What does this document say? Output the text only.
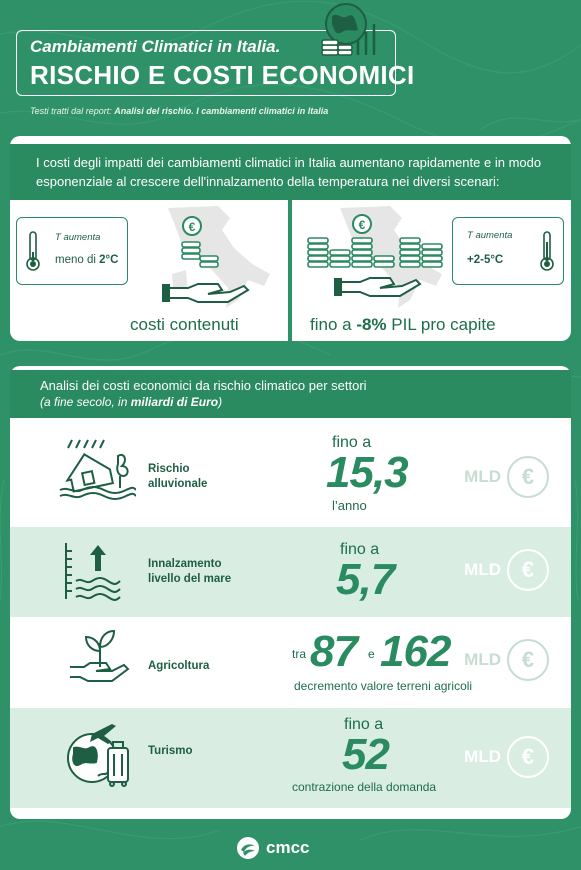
Cambiamenti Climatici in Italia.
RISCHIO E COSTI ECONOMICI
Testi tratti dal report: Analisi del rischio. I cambiamenti climatici in Italia
I costi degli impatti dei cambiamenti climatici in Italia aumentano rapidamente e in modo esponenziale al crescere dell'innalzamento della temperatura nei diversi scenari:
T aumenta
meno di 2°C
€
costi contenuti
€
T aumenta
+2-5°C
fino a -8% PIL pro capite
Analisi dei costi economici da rischio climatico per settori
(a fine secolo, in miliardi di Euro)
Rischio
alluvionale
fino a
15,3
l’anno
MLD €
Innalzamento
livello del mare
fino a
5,7	MLD €
Agricoltura
tra 87 e 162
decremento valore terreni agricoli
MLD €
Turismo
fino a
52
contrazione della domanda
MLD €
cmcc
